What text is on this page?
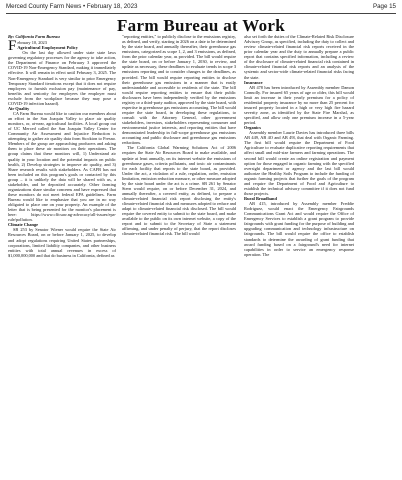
Merced County Farm News • February 18, 2023	Page 15
Farm Bureau at Work

By: California Farm Bureau

February 10, 2023

Agricultural Employment Policy

On the last day allowed under state state laws governing regulatory processes for the agency to take action, the Department of Finance on February 3 approved the COVID-19 Non-Emergency Standard, making it immediately effective. It will remain in effect until February 3, 2025. The Non-Emergency Standard is very similar to prior Emergency Temporary Standard iterations except that it does not require employers to furnish exclusion pay (maintenance of pay, benefits and seniority for employees the employer must exclude from the workplace because they may pose a COVID-19 infection hazard).

Air Quality

CA Farm Bureau would like to caution our members about an effort in the San Joaquin Valley to place air quality monitors, or, at-near, agricultural facilities. A local group out of UC Merced called the San Joaquin Valley Center for Community Air Assessment and Injustice Reduction is attempting to gather air quality data from Stockton to Fresno. Members of the group are approaching producers and asking them to place these air monitors on their operations. The group claims that these monitors will, 1) Understand air quality in your location and the potential impacts on public health, 2) Develop strategies to improve air quality, and 3) Share research results with stakeholders. As CAFB has not been included on this program's goals or contacted by this group – it is unlikely the data will be shared with us, a stakeholder, and be deposited accurately. Other farming organizations share similar concerns and have expressed that these monitors do not meet federal EPA guidelines. Farm Bureau would like to emphasize that you are in no way obligated to place one on your property. An example of the letter that is being presented for the monitor's placement is here: https://www.cffcsaw.ng-advocacy/all-issues/epa-rule/pollution.

Climate Change

SB 253 by Senator Wiener would require the State Air Resources Board, on or before January 1, 2025, to develop and adopt regulations requiring United States partnerships, corporations, limited liability companies, and other business entities with total annual revenues in excess of $1,000,000,000 and that do business in California, defined as

"reporting entities," to publicly disclose to the emissions registry, as defined, and verify, starting in 2026 on a date to be determined by the state board, and annually thereafter, their greenhouse gas emissions, categorized as scope 1, 2, and 3 emissions, as defined, from the prior calendar year, as provided. The bill would require the state board, on or before January 1, 2030, to review, and update as necessary, these deadlines to evaluate trends in scope 3 emissions reporting and to consider changes to the deadlines, as provided. The bill would require reporting entities to disclose their greenhouse gas emissions in a manner that is easily understandable and accessible to residents of the state. The bill would require reporting entities to ensure that their public disclosures have been independently verified by the emissions registry or a third-party auditor, approved by the state board, with expertise in greenhouse gas emissions accounting. The bill would require the state board, in developing these regulations, to consult with the Attorney General, other government stakeholders, investors, stakeholders representing consumer and environmental justice interests, and reporting entities that have demonstrated leadership in full-scope greenhouse gas emissions accounting and public disclosure and greenhouse gas emissions reductions.

The California Global Warming Solutions Act of 2006 requires the State Air Resources Board to make available, and update at least annually, on its internet website the emissions of greenhouse gases, criteria pollutants, and toxic air contaminants for each facility that reports to the state board, as provided. Under the act, a violation of a rule, regulation, order, emission limitation, emission reduction measure, or other measure adopted by the state board under the act is a crime. SB 261 by Senator Stern would require, on or before December 31, 2024, and annually thereafter, a covered entity, as defined, to prepare a climate-related financial risk report disclosing the entity's climate-related financial risk and measures adopted to reduce and adapt to climate-related financial risk disclosed. The bill would require the covered entity to submit to the state board, and make available to the public on its own internet website, a copy of the report and to submit to the Secretary of State a statement affirming, and under penalty of perjury, that the report discloses climate-related financial risk. The bill would

also set forth the duties of the Climate-Related Risk Disclosure Advisory Group, as specified, including the duty to collect and review climate-related financial risk reports received in the prior calendar year and the duty to annually prepare a public report that contains specified information, including a review of the disclosure of climate-related financial risk contained in climate-related financial risk reports and an analysis of the systemic and sector-wide climate-related financial risks facing the state.

Insurance

AB 478 has been introduced by Assembly member Damon Connolly. For insured 65 years of age or older, this bill would limit an increase in their yearly premium for a policy of residential property insurance by no more than 25 percent for insured property located in a high or very high fire hazard severity zone, as identified by the State Fire Marshal, as specified, and allow only one premium increase in a 5-year period.

Organics

Assembly member Laurie Davies has introduced three bills AB 449, AB 4O and AB 49l, that deal with Organic Farming. The first bill would require the Department of Food Agriculture to evaluate duplicative reporting requirements that affect small and mid-size farmers and farming operations. The second bill would create an online registration and payment option for those engaged in organic farming with the specified oversight department or agency and the last bill would authorize the Healthy Soils Program to include the funding of organic farming projects that further the goals of the program and require the Department of Food and Agriculture to establish the technical advisory committee if it does not fund those projects.

Rural Broadband

AB 415, introduced by Assembly member Freddie Rodriguez, would enact the Emergency Fairgrounds Communications Grant Act and would require the Office of Emergency Services to establish a grant program to provide fairgrounds with grant funding for the purpose of building and upgrading communication and technology infrastructure on fairgrounds. The bill would require the office to establish standards to determine the awarding of grant funding that award funding based on a fairground's need for internet capabilities in order to service an emergency response operation. The
